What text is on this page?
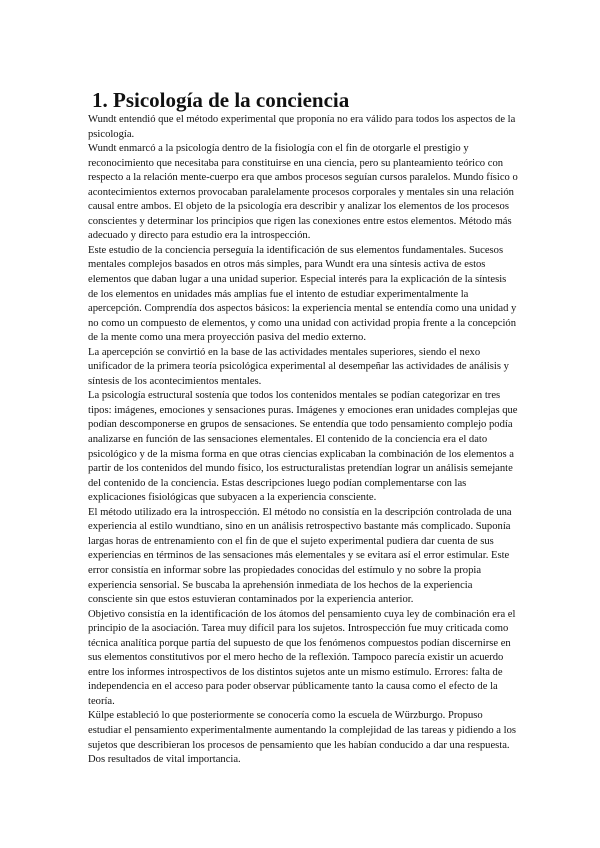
1. Psicología de la conciencia

Wundt entendió que el método experimental que proponía no era válido para todos los aspectos de la psicología.

Wundt enmarcó a la psicología dentro de la fisiología con el fin de otorgarle el prestigio y reconocimiento que necesitaba para constituirse en una ciencia, pero su planteamiento teórico con respecto a la relación mente-cuerpo era que ambos procesos seguían cursos paralelos. Mundo físico o acontecimientos externos provocaban paralelamente procesos corporales y mentales sin una relación causal entre ambos. El objeto de la psicología era describir y analizar los elementos de los procesos conscientes y determinar los principios que rigen las conexiones entre estos elementos. Método más adecuado y directo para estudio era la introspección.

Este estudio de la conciencia perseguía la identificación de sus elementos fundamentales. Sucesos mentales complejos basados en otros más simples, para Wundt era una síntesis activa de estos elementos que daban lugar a una unidad superior. Especial interés para la explicación de la síntesis de los elementos en unidades más amplias fue el intento de estudiar experimentalmente la apercepción. Comprendía dos aspectos básicos: la experiencia mental se entendía como una unidad y no como un compuesto de elementos, y como una unidad con actividad propia frente a la concepción de la mente como una mera proyección pasiva del medio externo.

La apercepción se convirtió en la base de las actividades mentales superiores, siendo el nexo unificador de la primera teoría psicológica experimental al desempeñar las actividades de análisis y síntesis de los acontecimientos mentales.

La psicología estructural sostenía que todos los contenidos mentales se podían categorizar en tres tipos: imágenes, emociones y sensaciones puras. Imágenes y emociones eran unidades complejas que podían descomponerse en grupos de sensaciones. Se entendía que todo pensamiento complejo podía analizarse en función de las sensaciones elementales. El contenido de la conciencia era el dato psicológico y de la misma forma en que otras ciencias explicaban la combinación de los elementos a partir de los contenidos del mundo físico, los estructuralistas pretendían lograr un análisis semejante del contenido de la conciencia. Estas descripciones luego podían complementarse con las explicaciones fisiológicas que subyacen a la experiencia consciente.

El método utilizado era la introspección. El método no consistía en la descripción controlada de una experiencia al estilo wundtiano, sino en un análisis retrospectivo bastante más complicado. Suponía largas horas de entrenamiento con el fin de que el sujeto experimental pudiera dar cuenta de sus experiencias en términos de las sensaciones más elementales y se evitara así el error estimular. Este error consistía en informar sobre las propiedades conocidas del estímulo y no sobre la propia experiencia sensorial. Se buscaba la aprehensión inmediata de los hechos de la experiencia consciente sin que estos estuvieran contaminados por la experiencia anterior.

Objetivo consistía en la identificación de los átomos del pensamiento cuya ley de combinación era el principio de la asociación. Tarea muy difícil para los sujetos. Introspección fue muy criticada como técnica analítica porque partía del supuesto de que los fenómenos compuestos podían discernirse en sus elementos constitutivos por el mero hecho de la reflexión. Tampoco parecía existir un acuerdo entre los informes introspectivos de los distintos sujetos ante un mismo estímulo. Errores: falta de independencia en el acceso para poder observar públicamente tanto la causa como el efecto de la teoría.

Külpe estableció lo que posteriormente se conocería como la escuela de Würzburgo. Propuso estudiar el pensamiento experimentalmente aumentando la complejidad de las tareas y pidiendo a los sujetos que describieran los procesos de pensamiento que les habían conducido a dar una respuesta. Dos resultados de vital importancia.
